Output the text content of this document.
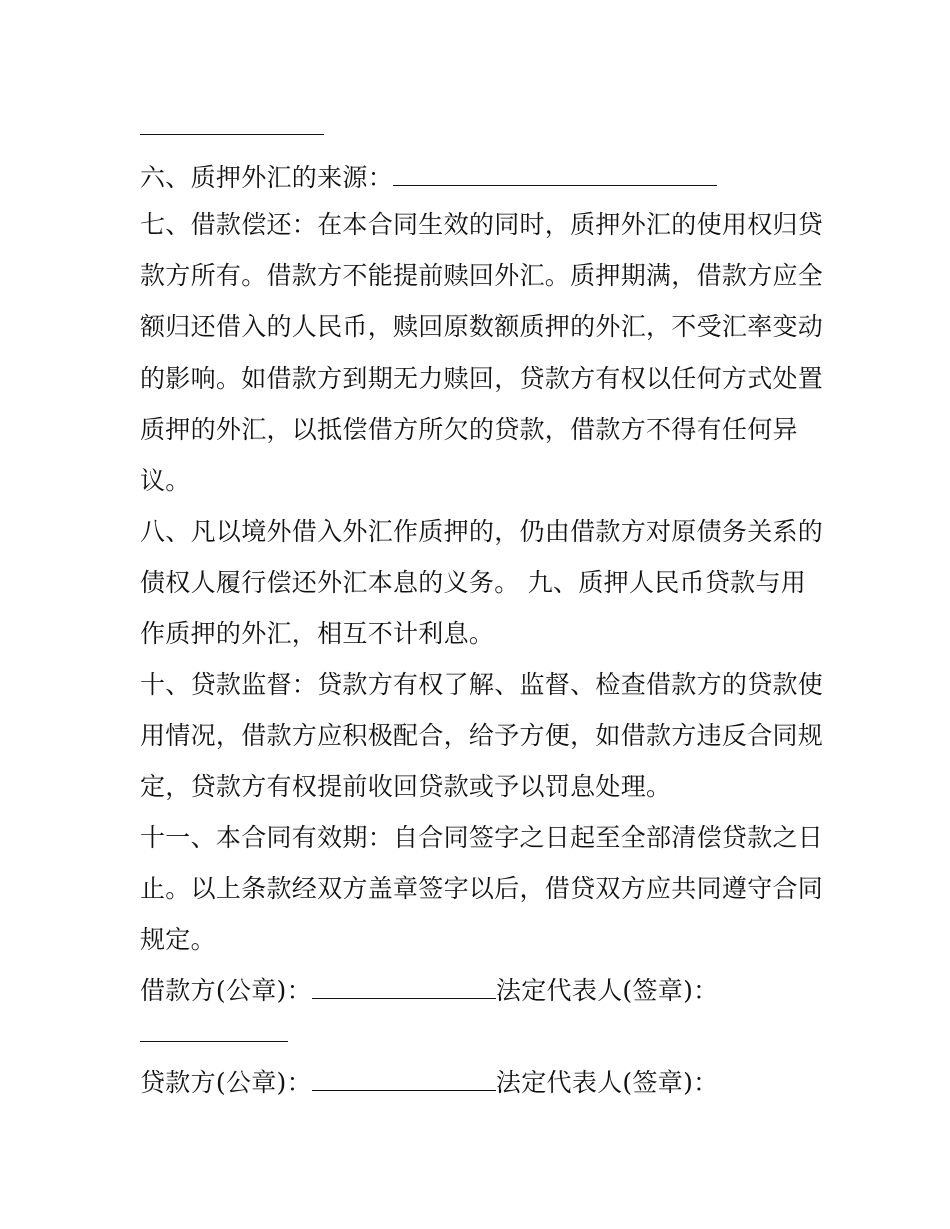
六、质押外汇的来源：
七、借款偿还：在本合同生效的同时，质押外汇的使用权归贷
款方所有。借款方不能提前赎回外汇。质押期满，借款方应全
额归还借入的人民币，赎回原数额质押的外汇，不受汇率变动
的影响。如借款方到期无力赎回，贷款方有权以任何方式处置
质押的外汇，以抵偿借方所欠的贷款，借款方不得有任何异
议。
八、凡以境外借入外汇作质押的，仍由借款方对原债务关系的
债权人履行偿还外汇本息的义务。 九、质押人民币贷款与用
作质押的外汇，相互不计利息。
十、贷款监督：贷款方有权了解、监督、检查借款方的贷款使
用情况，借款方应积极配合，给予方便，如借款方违反合同规
定，贷款方有权提前收回贷款或予以罚息处理。
十一、本合同有效期：自合同签字之日起至全部清偿贷款之日
止。以上条款经双方盖章签字以后，借贷双方应共同遵守合同
规定。
借款方(公章)：	法定代表人(签章)：
贷款方(公章)：	法定代表人(签章)：
